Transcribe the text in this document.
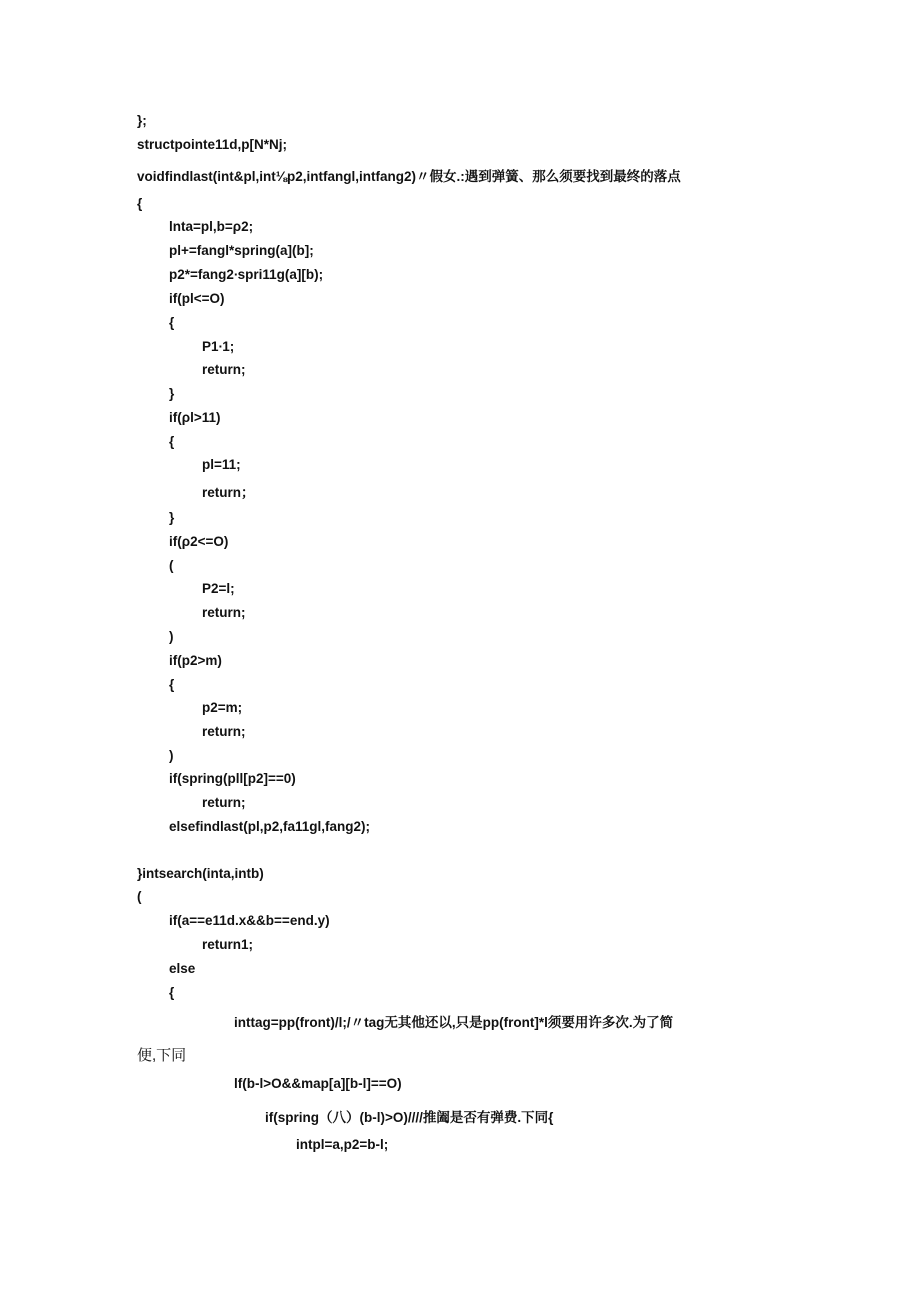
};
structpointe11d,p[N*Nj;
voidfindlast(int&pl,int⅛p2,intfangl,intfang2)〃假女.:遇到弹簧、那么须要找到最终的落点
{
lnta=pl,b=ρ2;
pl+=fangl*spring(a](b];
p2*=fang2∙spri11g(a][b);
if(pl<=O)
{
P1∙1;
return;
}
if(ρl>11)
{
pl=11;
return；
}
if(ρ2<=O)
(
P2=l;
return;
)
if(p2>m)
{
p2=m;
return;
)
if(spring(pll[p2]==0)
return;
elsefindlast(pl,p2,fa11gl,fang2);
}intsearch(inta,intb)
(
if(a==e11d.x&&b==end.y)
return1;
else
{
inttag=pp(front)/l;/〃tag无其他还以,只是pp(front]*l须要用许多次.为了简
便,下同
lf(b-l>O&&map[a][b-l]==O)
if(spring（八）(b-l)>O)////推阖是否有弹费.下同{
intpl=a,p2=b-l;
